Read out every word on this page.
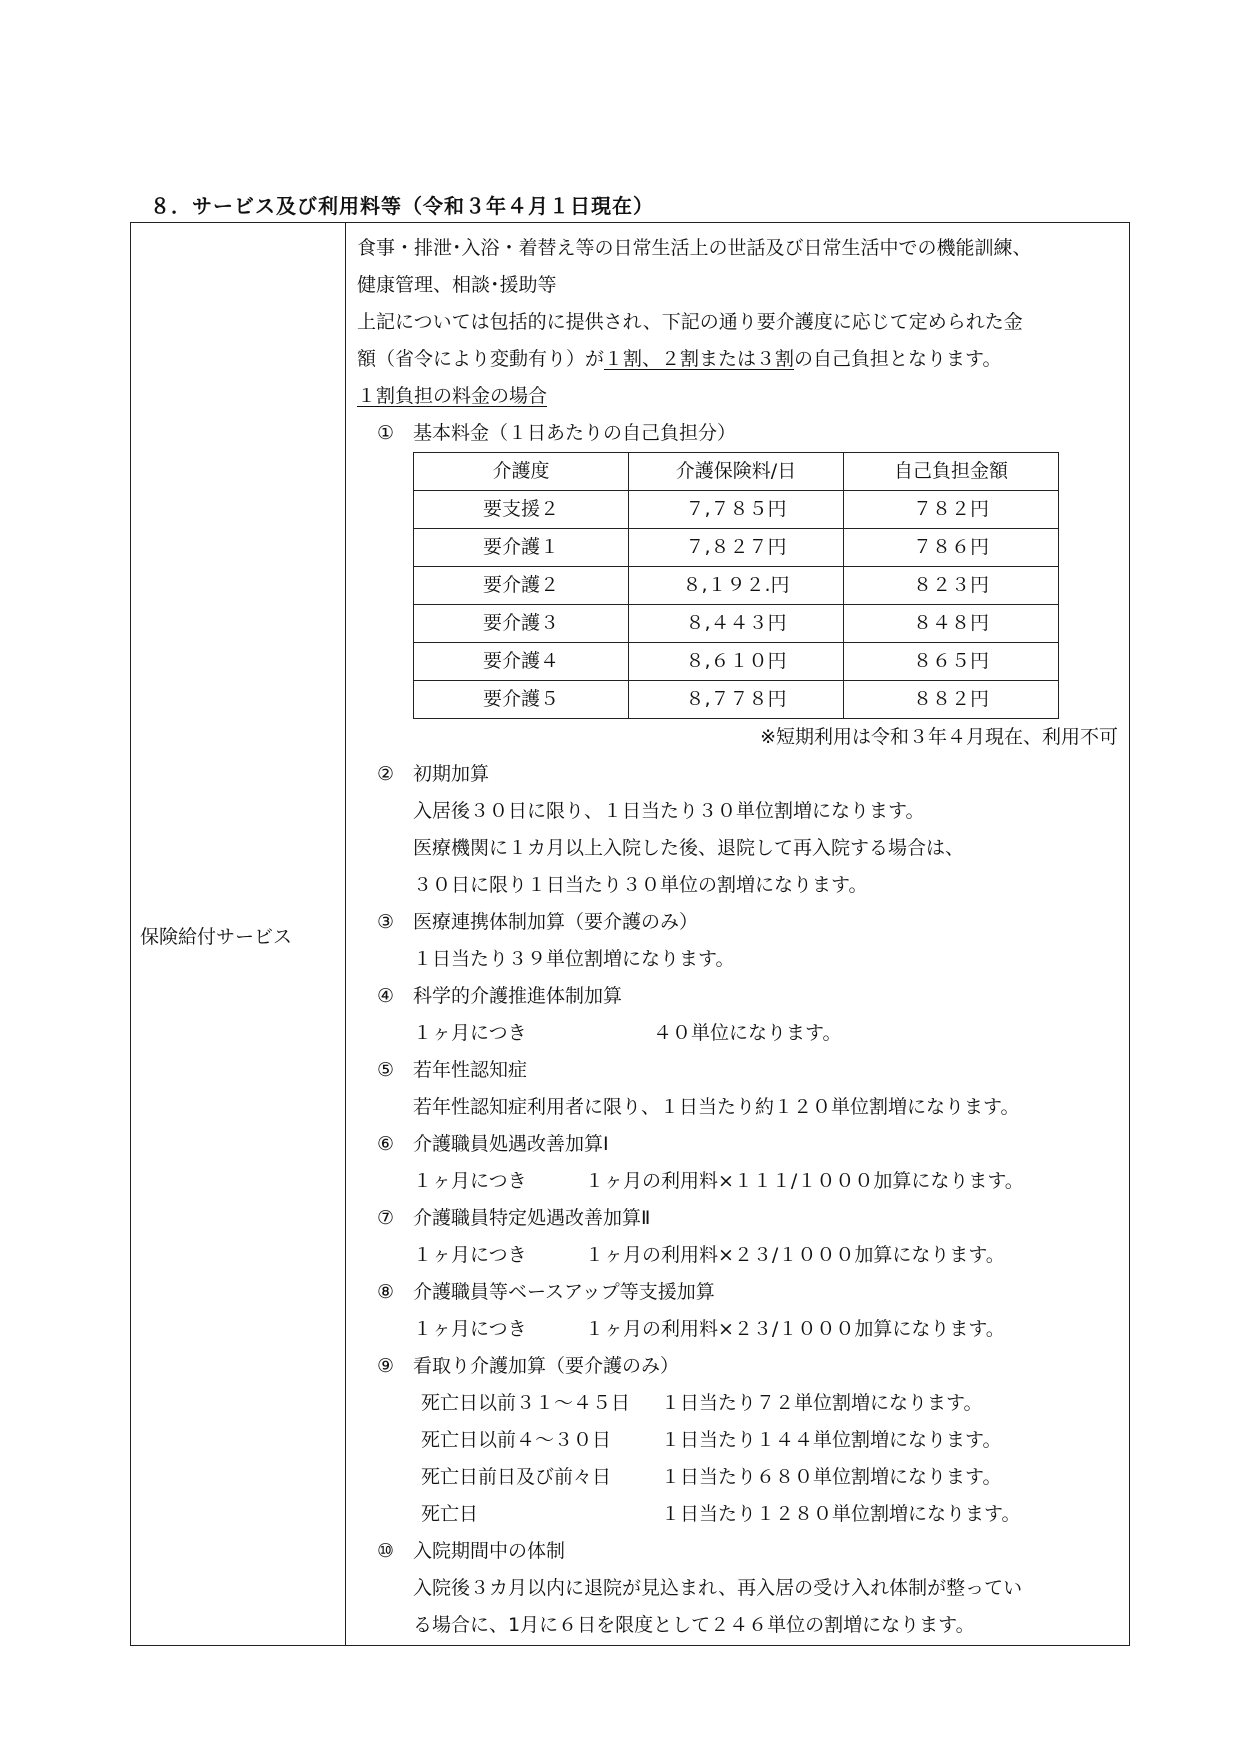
８．サービス及び利用料等（令和３年４月１日現在）
保険給付サービス
食事・排泄･入浴・着替え等の日常生活上の世話及び日常生活中での機能訓練、
健康管理、相談･援助等
上記については包括的に提供され、下記の通り要介護度に応じて定められた金
額（省令により変動有り）が１割、２割または３割の自己負担となります。
１割負担の料金の場合
① 基本料金（１日あたりの自己負担分）
介護度	介護保険料/日	自己負担金額
要支援２	７,７８５円	７８２円
要介護１	７,８２７円	７８６円
要介護２	８,１９２.円	８２３円
要介護３	８,４４３円	８４８円
要介護４	８,６１０円	８６５円
要介護５	８,７７８円	８８２円
※短期利用は令和３年４月現在、利用不可
② 初期加算
入居後３０日に限り、１日当たり３０単位割増になります。
医療機関に１カ月以上入院した後、退院して再入院する場合は、
３０日に限り１日当たり３０単位の割増になります。
③ 医療連携体制加算（要介護のみ）
１日当たり３９単位割増になります。
④ 科学的介護推進体制加算
１ヶ月につき	４０単位になります。
⑤ 若年性認知症
若年性認知症利用者に限り、１日当たり約１２０単位割増になります。
⑥ 介護職員処遇改善加算Ⅰ
１ヶ月につき	１ヶ月の利用料×１１１/１０００加算になります。
⑦ 介護職員特定処遇改善加算Ⅱ
１ヶ月につき	１ヶ月の利用料×２３/１０００加算になります。
⑧ 介護職員等ベースアップ等支援加算
１ヶ月につき	１ヶ月の利用料×２３/１０００加算になります。
⑨ 看取り介護加算（要介護のみ）
死亡日以前３１～４５日 １日当たり７２単位割増になります。
死亡日以前４～３０日	１日当たり１４４単位割増になります。
死亡日前日及び前々日	１日当たり６８０単位割増になります。
死亡日	１日当たり１２８０単位割増になります。
⑩ 入院期間中の体制
入院後３カ月以内に退院が見込まれ、再入居の受け入れ体制が整ってい
る場合に、1月に６日を限度として２４６単位の割増になります。
